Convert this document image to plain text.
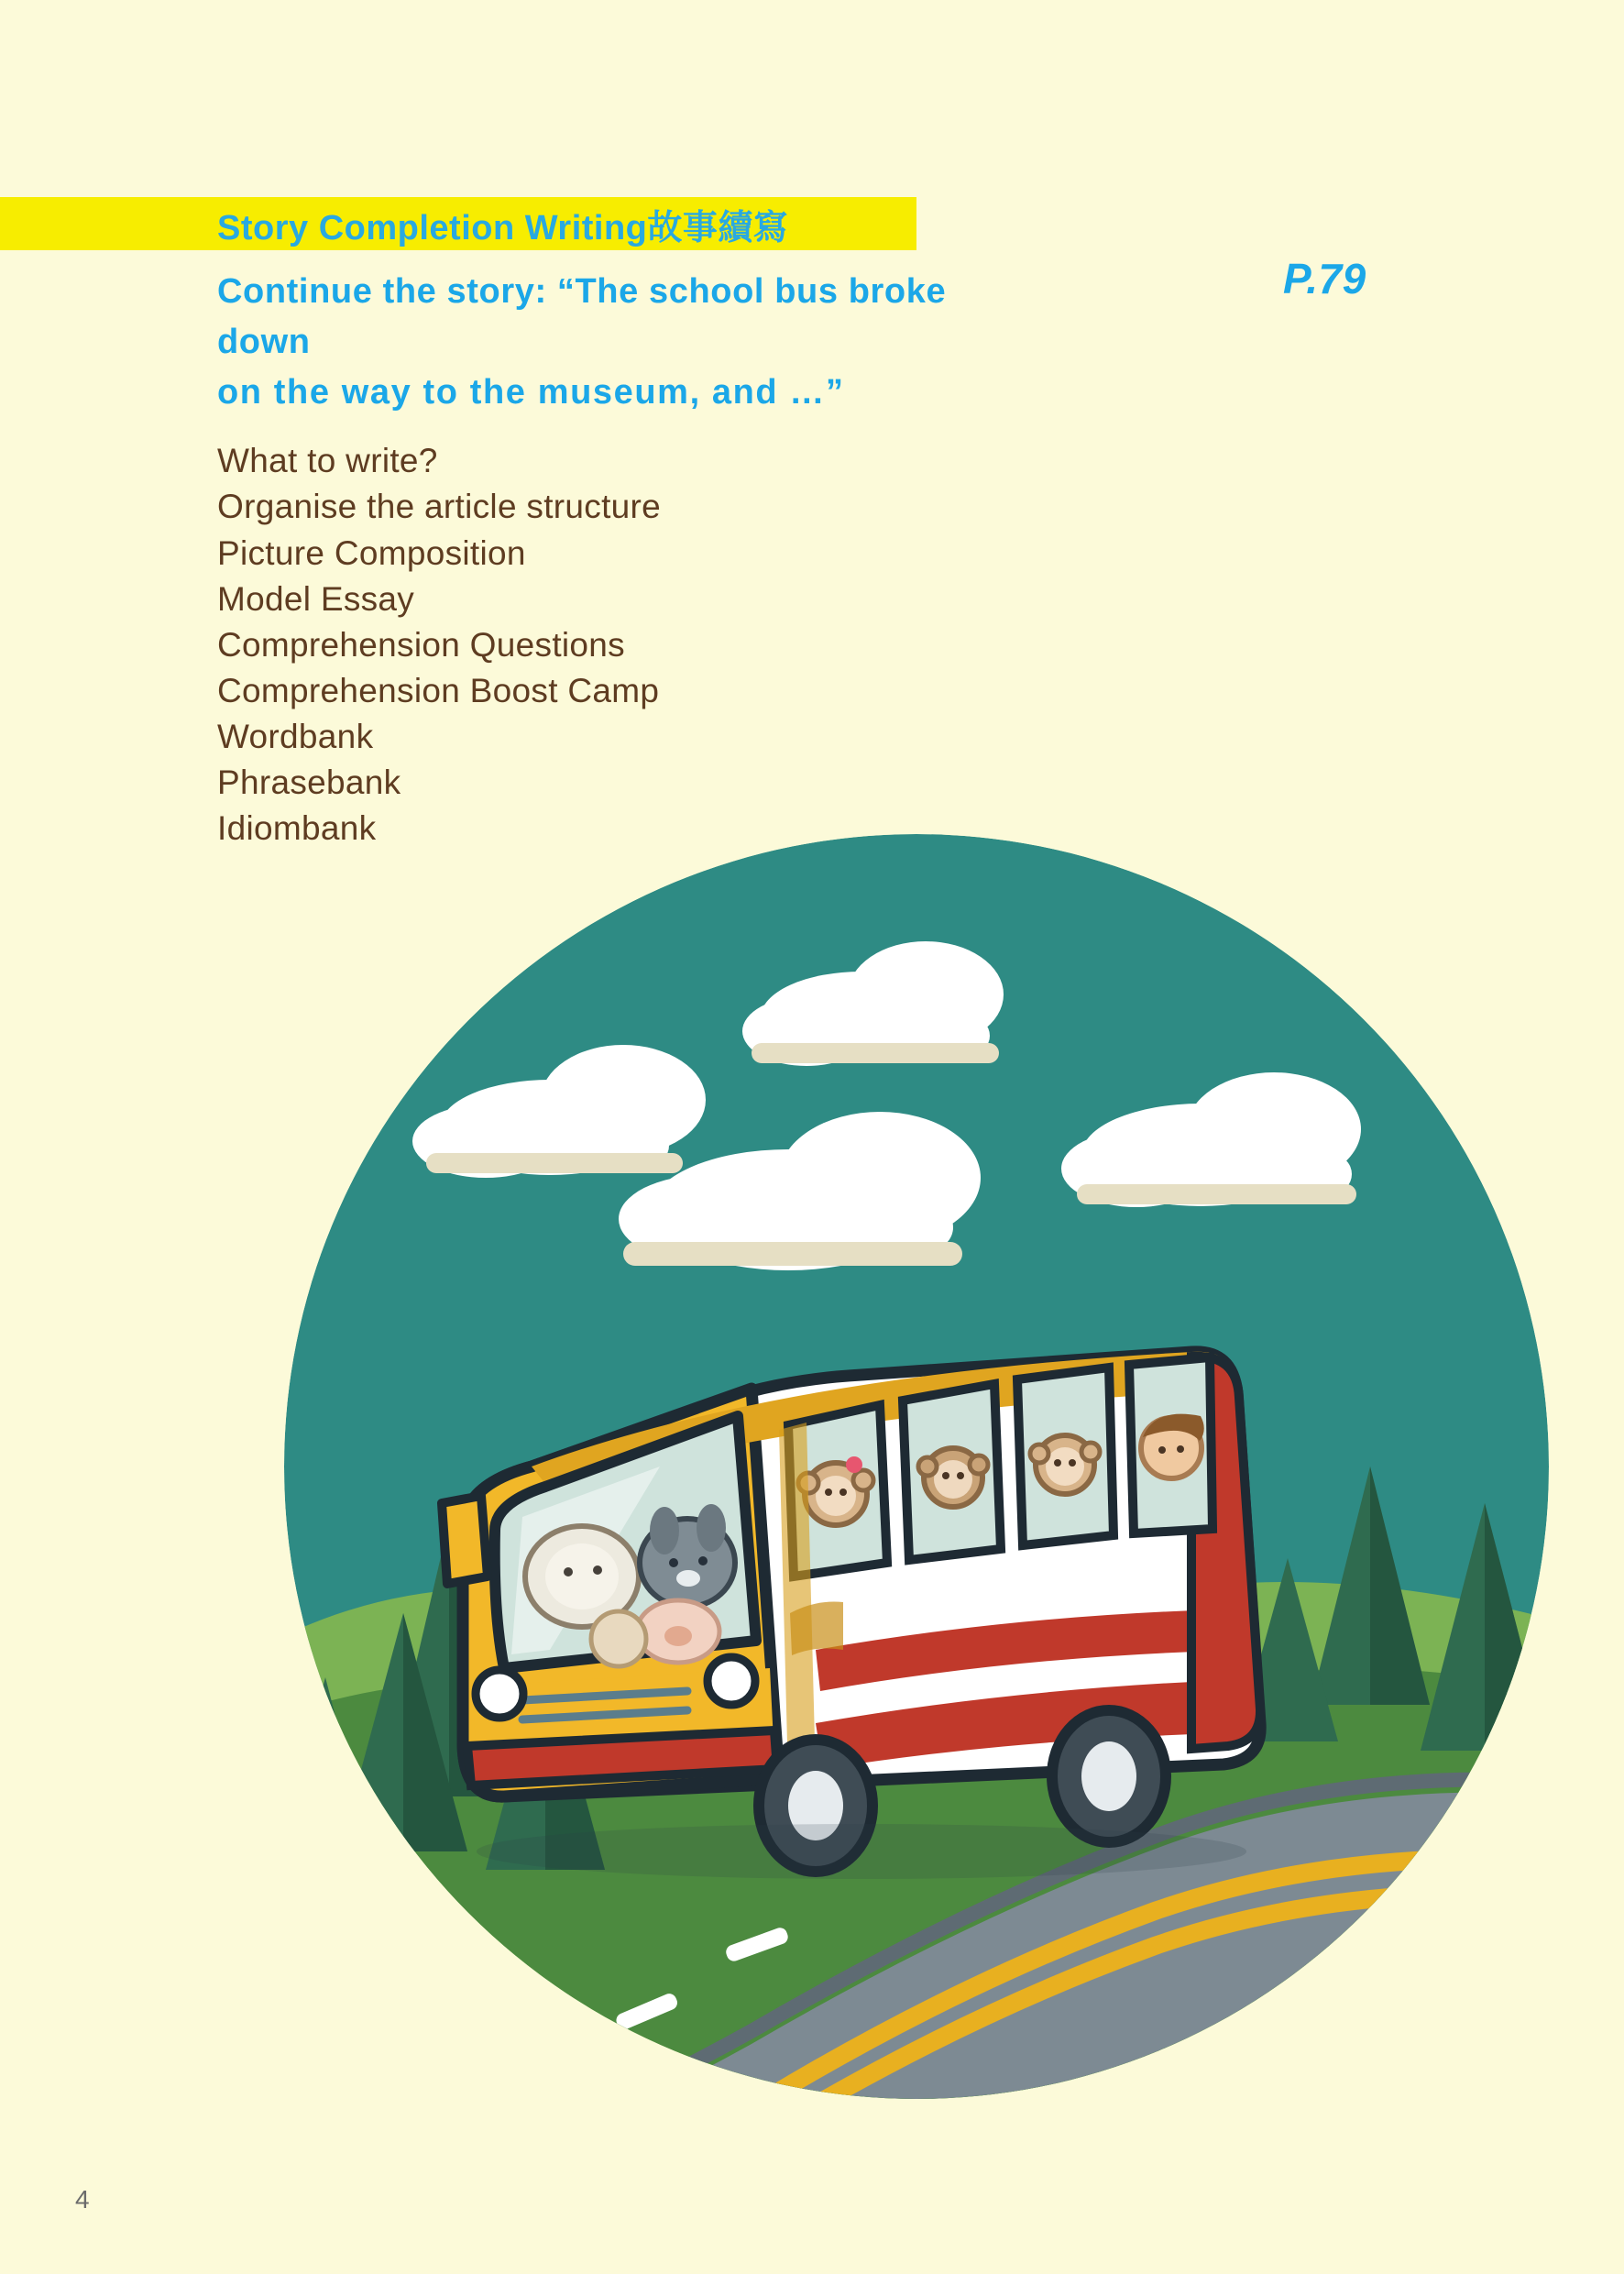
Story Completion Writing故事續寫
Continue the story: “The school bus broke down
on the way to the museum, and …”
P.79
What to write?
Organise the article structure
Picture Composition
Model Essay
Comprehension Questions
Comprehension Boost Camp
Wordbank
Phrasebank
Idiombank
4
